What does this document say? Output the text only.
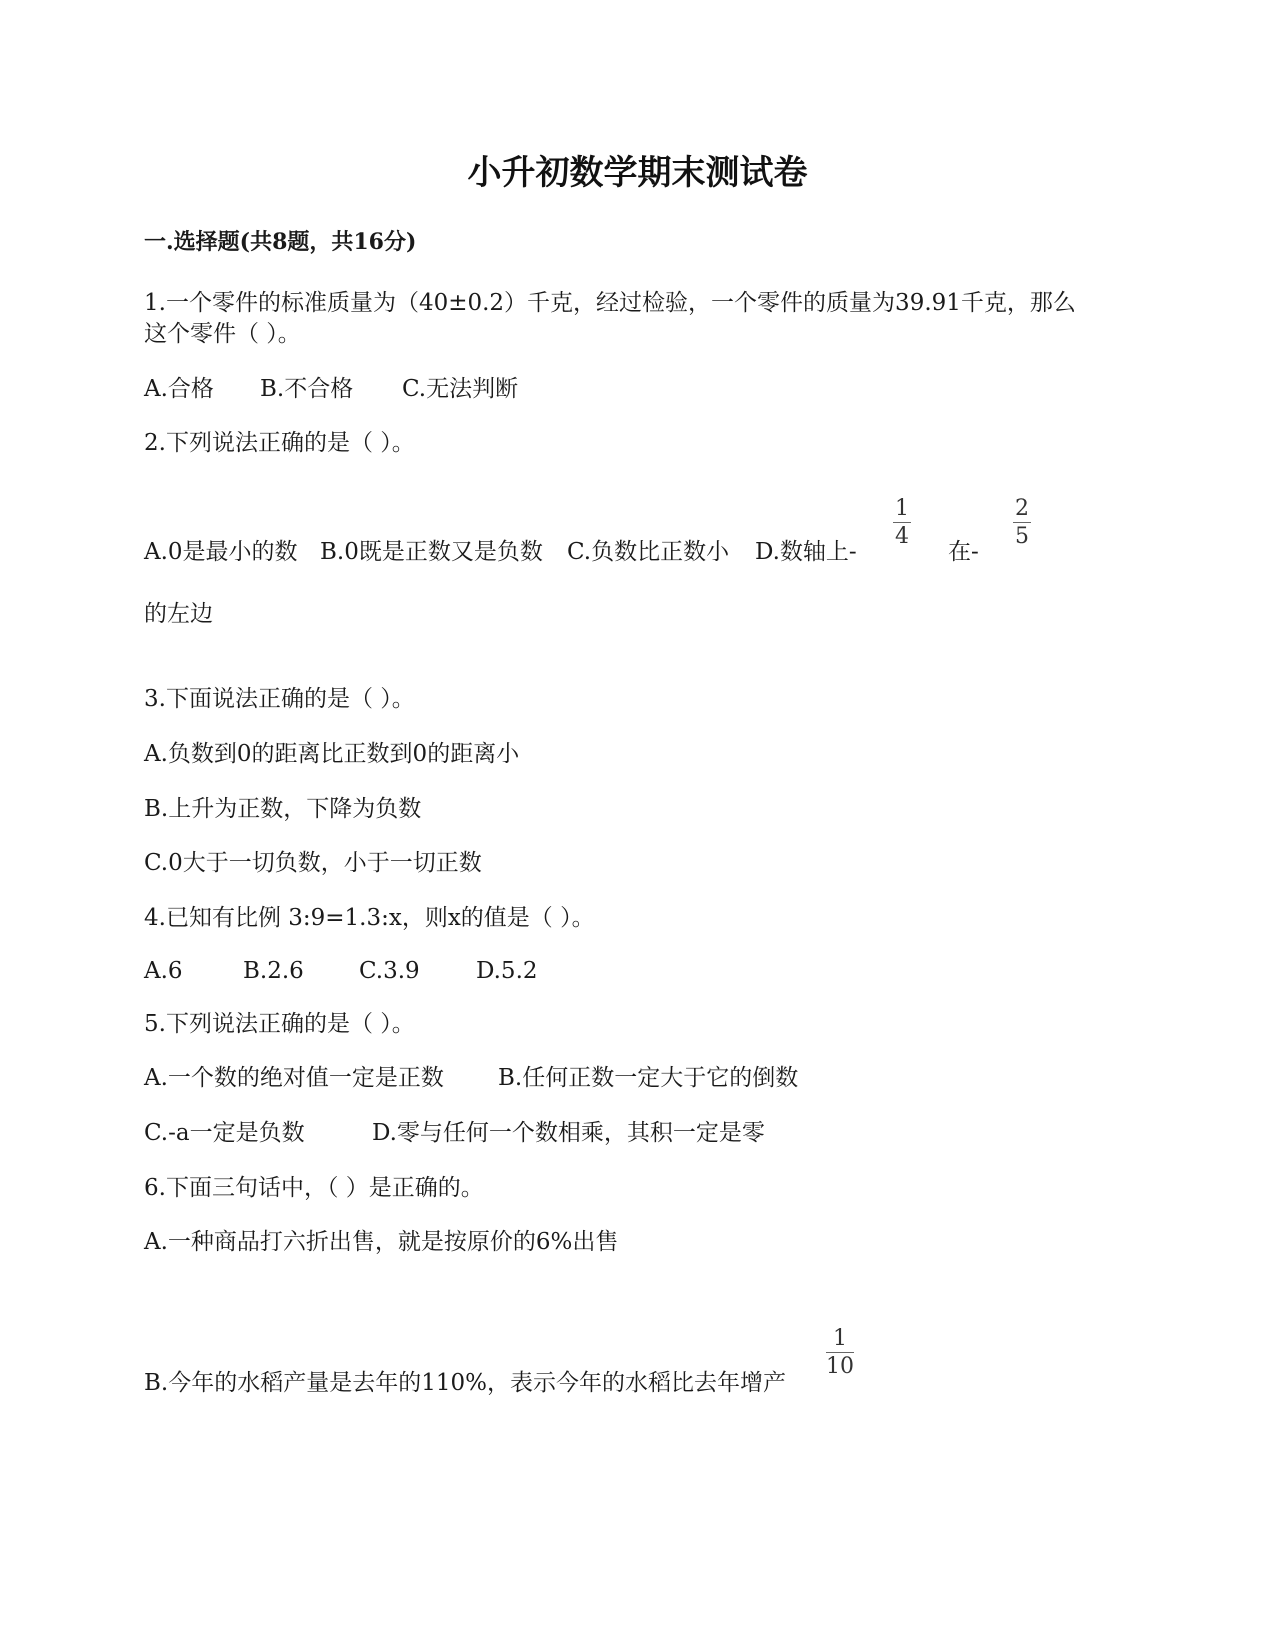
小升初数学期末测试卷
一.选择题(共8题，共16分)
1.一个零件的标准质量为（40±0.2）千克，经过检验，一个零件的质量为39.91千克，那么
这个零件（ ）。
A.合格 B.不合格 C.无法判断
2.下列说法正确的是（ ）。
A.0是最小的数 B.0既是正数又是负数 C.负数比正数小 D.数轴上-
1
4
在-
2
5
的左边
3.下面说法正确的是（ ）。
A.负数到0的距离比正数到0的距离小
B.上升为正数，下降为负数
C.0大于一切负数，小于一切正数
4.已知有比例 3:9=1.3:x，则x的值是（ ）。
A.6	B.2.6 C.3.9 D.5.2
5.下列说法正确的是（ ）。
A.一个数的绝对值一定是正数 B.任何正数一定大于它的倒数
C.-a一定是负数	D.零与任何一个数相乘，其积一定是零
6.下面三句话中，（ ）是正确的。
A.一种商品打六折出售，就是按原价的6%出售
B.今年的水稻产量是去年的110%，表示今年的水稻比去年增产
1
10
